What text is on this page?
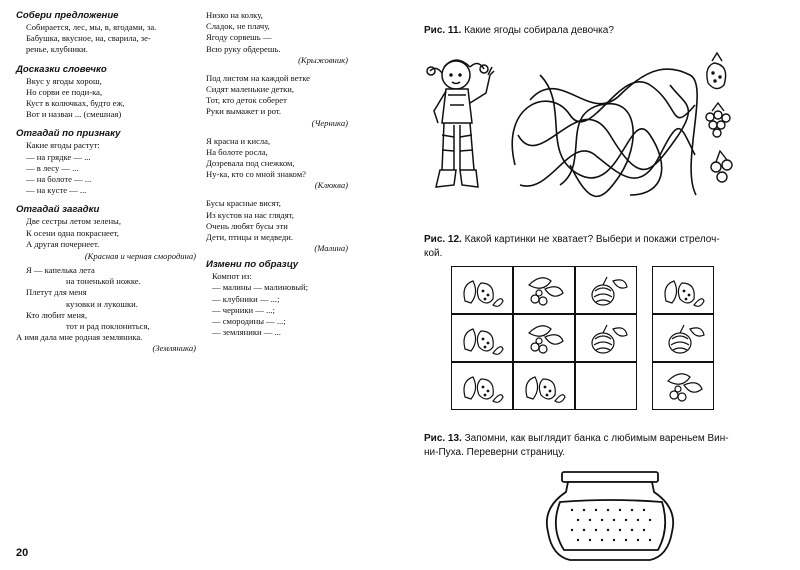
Собери предложение
Собирается, лес, мы, в, ягодами, за.
Бабушка, вкусное, на, сварила, зе-
ренье, клубники.
Досказки словечко
Вкус у ягоды хорош,
Но сорви ее поди-ка,
Куст в колючках, будто еж,
Вот и назван ... (смешная)
Отгадай по признаку
Какие ягоды растут:
— на грядке — ...
— в лесу — ...
— на болоте — ...
— на кусте — ...
Отгадай загадки
Две сестры летом зелены,
К осени одна покраснеет,
А другая почернеет.
(Красная и черная смородина)
Я — капелька лета
на тоненькой ножке.
Плетут для меня
кузовки и лукошки.
Кто любит меня,
тот и рад поклониться,
А имя дала мне родная земляника.
(Земляника)
Низко на колку,
Сладок, не плачу,
Ягоду сорвешь —
Всю руку обдерешь.
(Крыжовник)
Под листом на каждой ветке
Сидят маленькие детки,
Тот, кто деток соберет
Руки вымажет и рот.
(Черника)
Я красна и кисла,
На болоте росла,
Дозревала под снежком,
Ну-ка, кто со мной знаком?
(Клюква)
Бусы красные висят,
Из кустов на нас глядят,
Очень любят бусы эти
Дети, птицы и медведи.
(Малина)
Измени по образцу
Компот из:
— малины — малиновый;
— клубники — ...;
— черники — ...;
— смородины — ...;
— земляники — ...
20
Рис. 11. Какие ягоды собирала девочка?
Рис. 12. Какой картинки не хватает? Выбери и покажи стрелоч-
кой.
Рис. 13. Запомни, как выглядит банка с любимым вареньем Вин-
ни-Пуха. Переверни страницу.
